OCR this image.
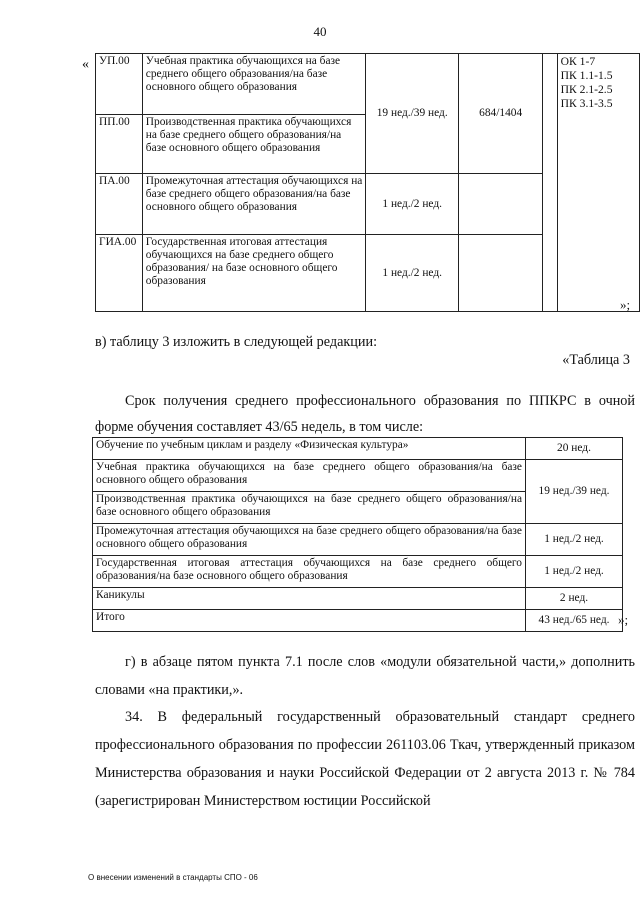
40
« УП.00	Учебная практика обучающихся на базе среднего общего образования/на базе основного общего образования	19 нед./39 нед.	684/1404		ОК 1-7
ПК 1.1-1.5
ПК 2.1-2.5
ПК 3.1-3.5

ПП.00	Производственная практика обучающихся на базе среднего общего образования/на базе основного общего образования				
ПА.00	Промежуточная аттестация обучающихся на базе среднего общего образования/на базе основного общего образования	1 нед./2 нед.			
ГИА.00	Государственная итоговая аттестация обучающихся на базе среднего общего образования/ на базе основного общего образования	1 нед./2 нед.			
»;
в) таблицу 3 изложить в следующей редакции:
«Таблица 3
Срок получения среднего профессионального образования по ППКРС в очной форме обучения составляет 43/65 недель, в том числе:
Обучение по учебным циклам и разделу «Физическая культура»	20 нед.
Учебная практика обучающихся на базе среднего общего образования/на базе основного общего образования	19 нед./39 нед.
Производственная практика обучающихся на базе среднего общего образования/на базе основного общего образования	
Промежуточная аттестация обучающихся на базе среднего общего образования/на базе основного общего образования	1 нед./2 нед.
Государственная итоговая аттестация обучающихся на базе среднего общего образования/на базе основного общего образования	1 нед./2 нед.
Каникулы	2 нед.
Итого	43 нед./65 нед. »;
г) в абзаце пятом пункта 7.1 после слов «модули обязательной части,» дополнить словами «на практики,».
34. В федеральный государственный образовательный стандарт среднего профессионального образования по профессии 261103.06 Ткач, утвержденный приказом Министерства образования и науки Российской Федерации от 2 августа 2013 г. № 784 (зарегистрирован Министерством юстиции Российской
О внесении изменений в стандарты СПО - 06
